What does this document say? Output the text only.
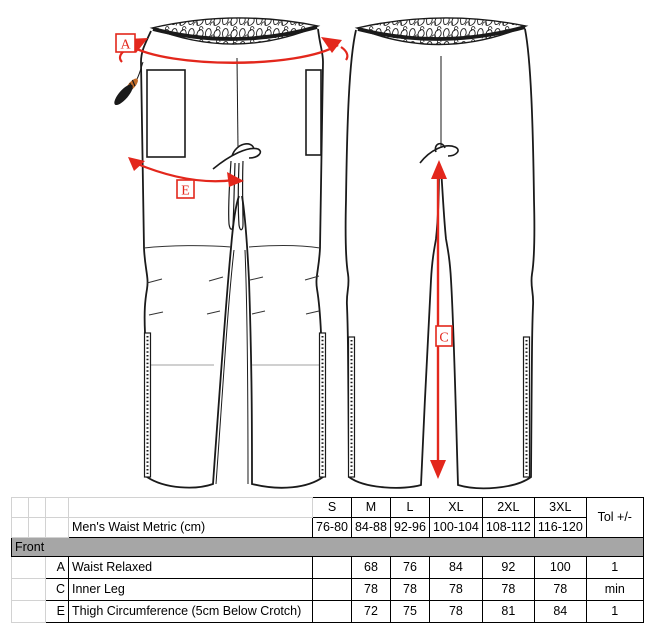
A
E
C
				S	M	L	XL	2XL	3XL	Tol +/-
			Men's Waist Metric (cm)	76-80	84-88	92-96	100-104	108-112	116-120	
Front										
		A	Waist Relaxed		68	76	84	92	100	1
		C	Inner Leg		78	78	78	78	78	min
		E	Thigh Circumference (5cm Below Crotch)		72	75	78	81	84	1
